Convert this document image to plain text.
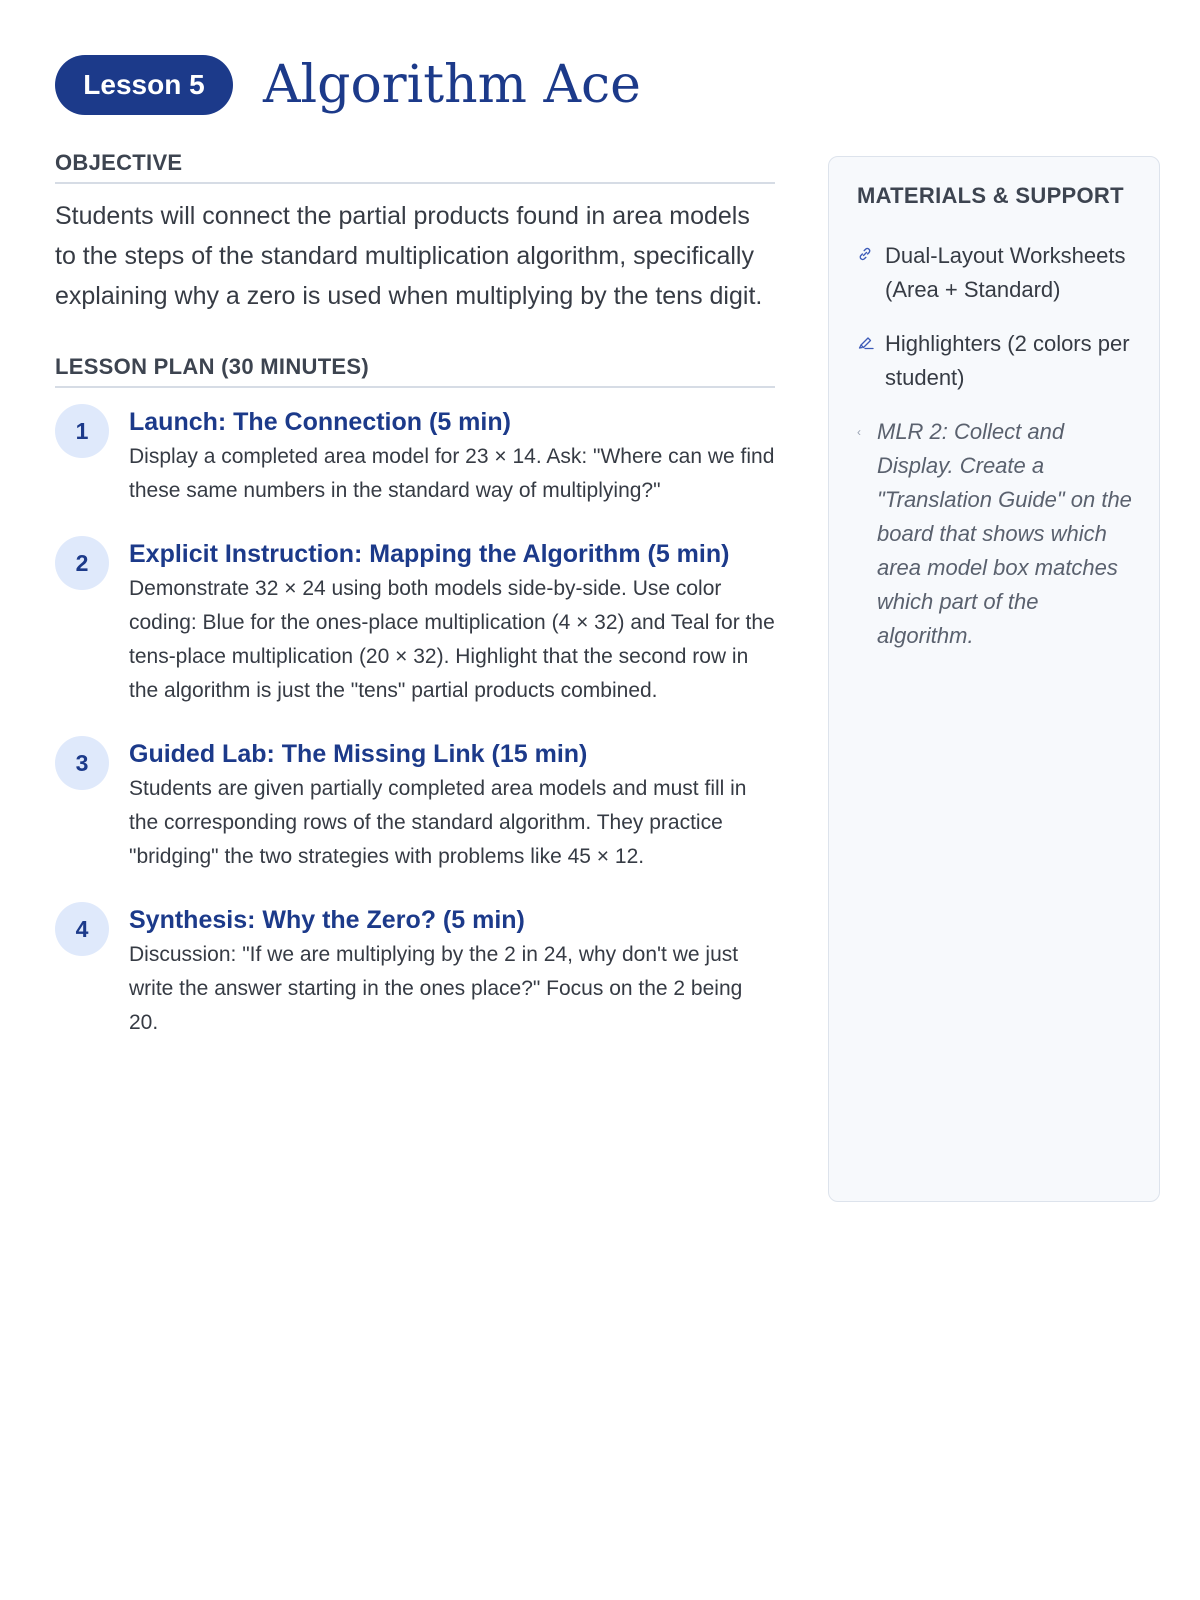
Lesson 5	Algorithm Ace
OBJECTIVE
Students will connect the partial products found in area models to the steps of the standard multiplication algorithm, specifically explaining why a zero is used when multiplying by the tens digit.
LESSON PLAN (30 MINUTES)
1	Launch: The Connection (5 min)
Display a completed area model for 23 × 14. Ask: "Where can we find these same numbers in the standard way of multiplying?"
2	Explicit Instruction: Mapping the Algorithm (5 min)
Demonstrate 32 × 24 using both models side-by-side. Use color coding: Blue for the ones-place multiplication (4 × 32) and Teal for the tens-place multiplication (20 × 32). Highlight that the second row in the algorithm is just the "tens" partial products combined.
3	Guided Lab: The Missing Link (15 min)
Students are given partially completed area models and must fill in the corresponding rows of the standard algorithm. They practice "bridging" the two strategies with problems like 45 × 12.
4	Synthesis: Why the Zero? (5 min)
Discussion: "If we are multiplying by the 2 in 24, why don't we just write the answer starting in the ones place?" Focus on the 2 being 20.
MATERIALS & SUPPORT
Dual-Layout Worksheets (Area + Standard)
Highlighters (2 colors per student)
‹ MLR 2: Collect and Display. Create a "Translation Guide" on the board that shows which area model box matches which part of the algorithm.
